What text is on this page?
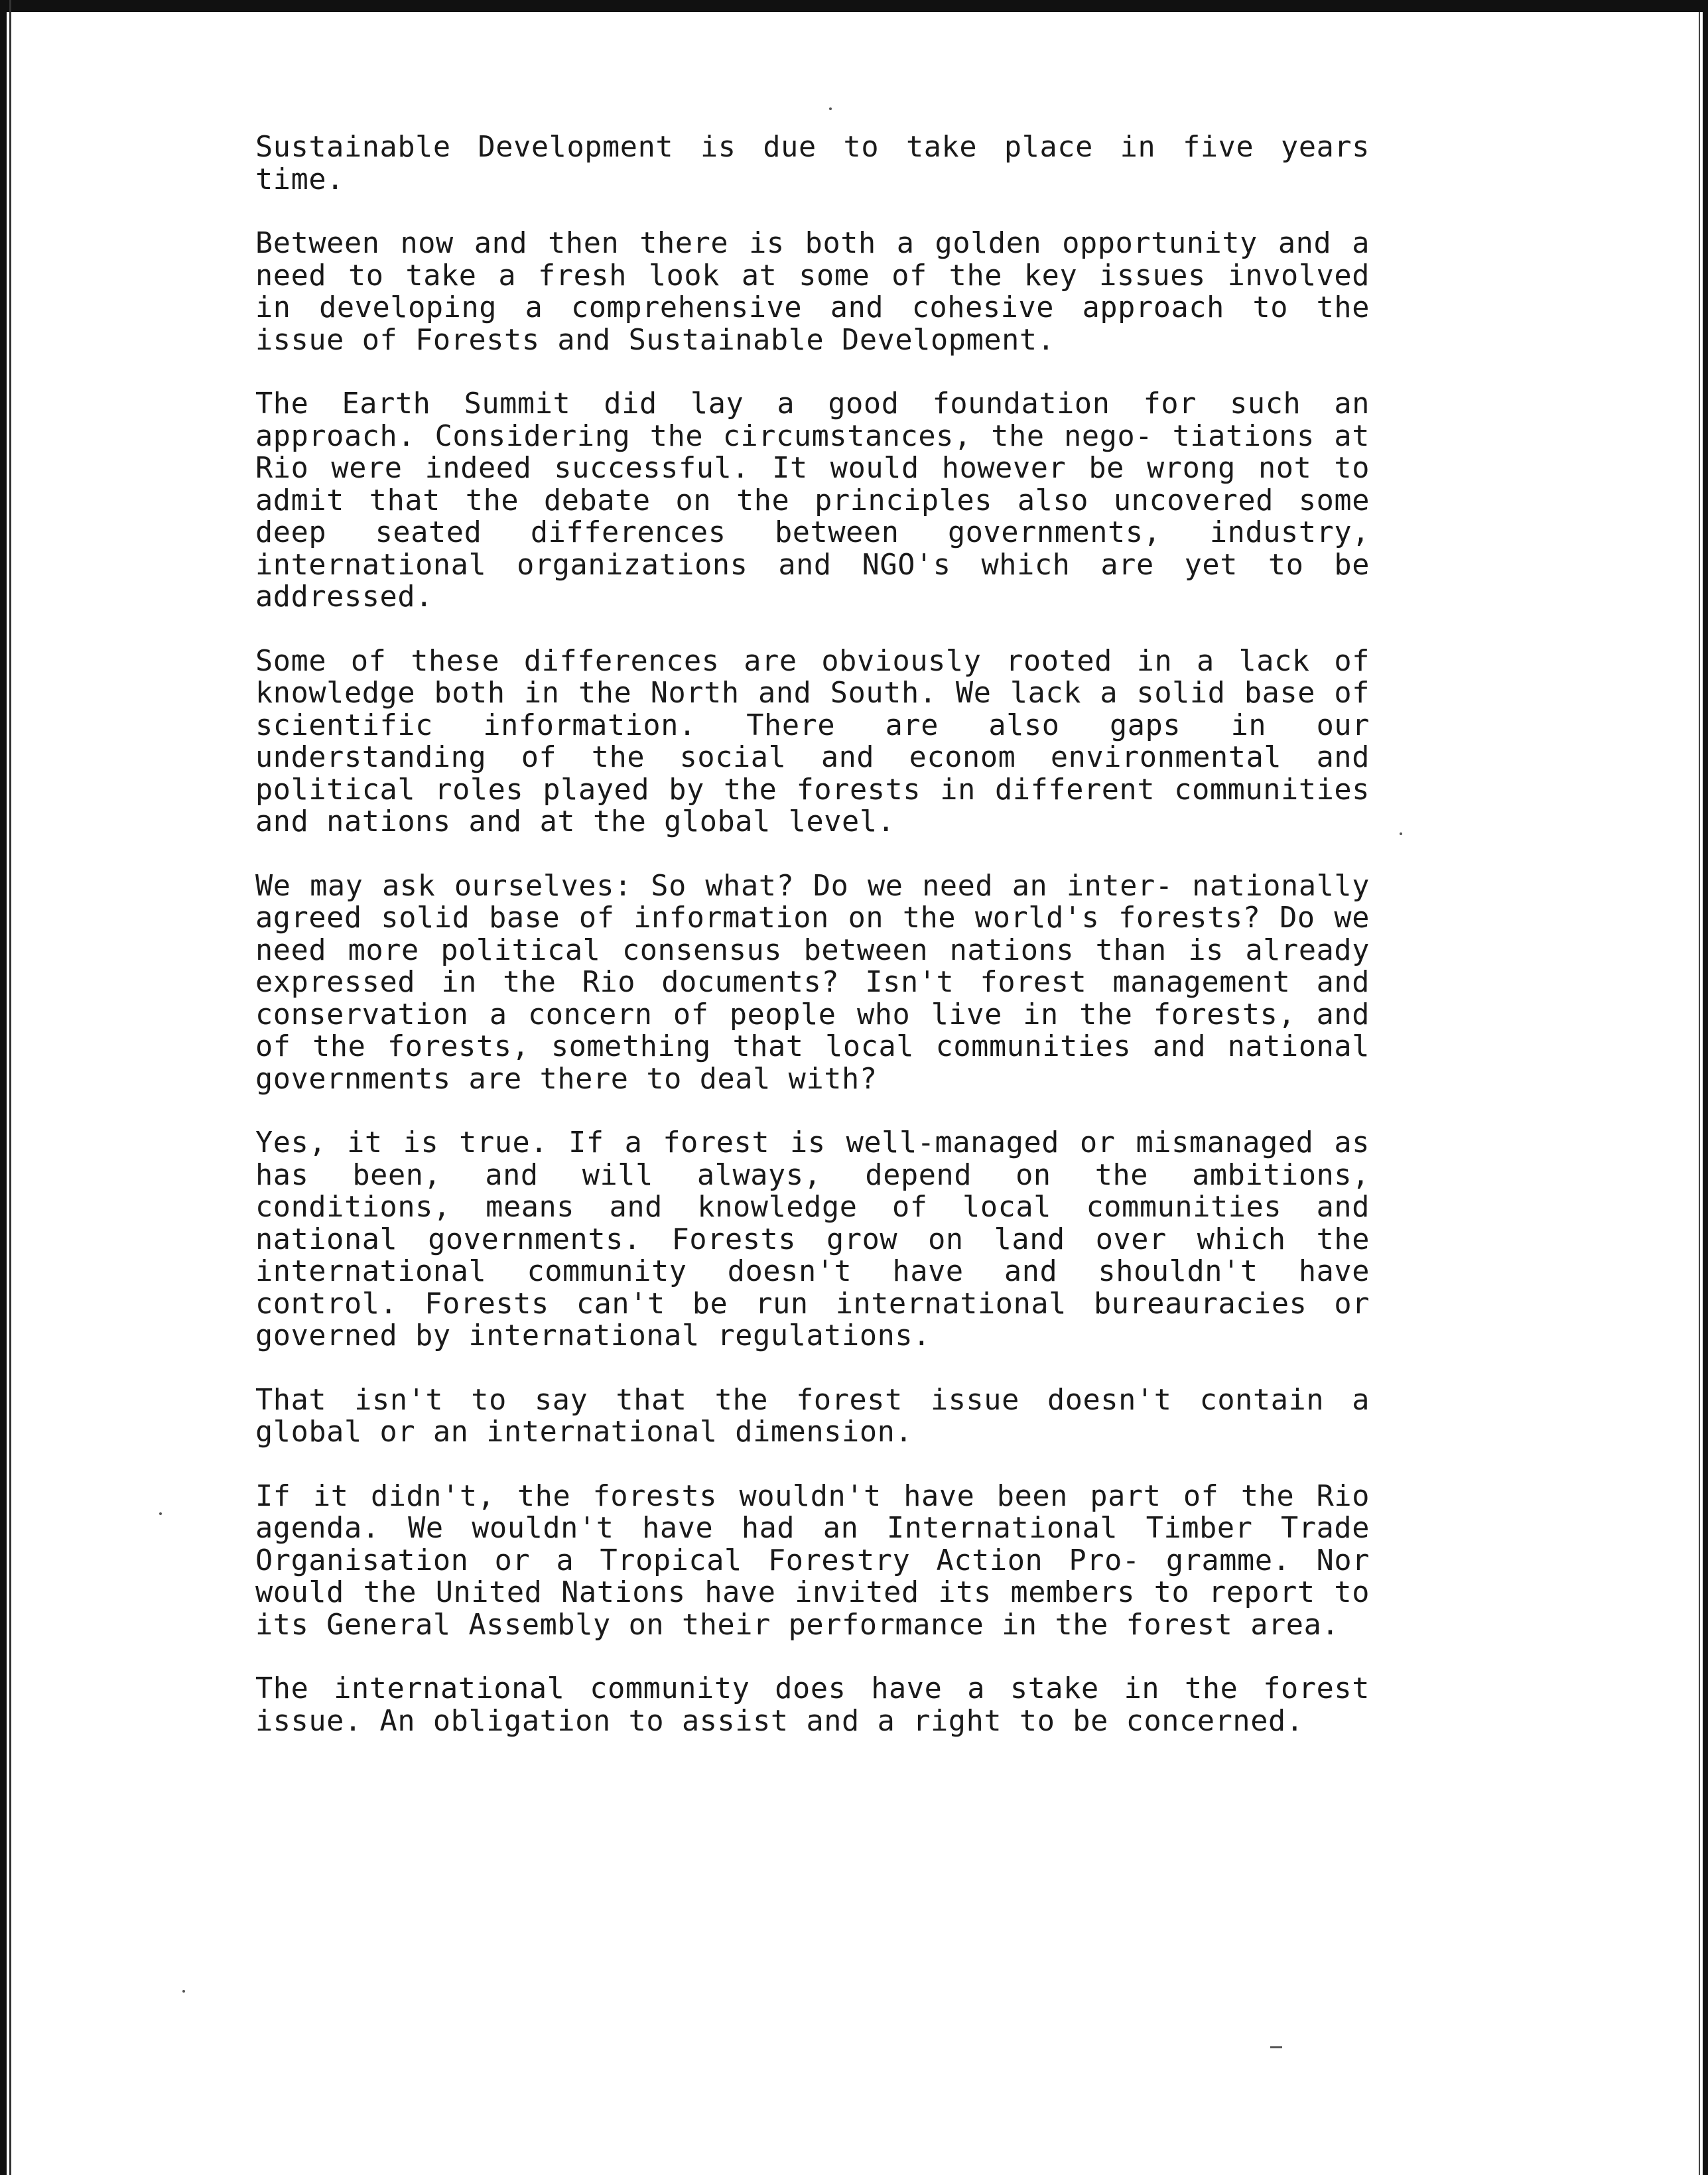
Sustainable Development is due to take place in five years time.

Between now and then there is both a golden opportunity and a need to take a fresh look at some of the key issues involved in developing a comprehensive and cohesive approach to the issue of Forests and Sustainable Development.

The Earth Summit did lay a good foundation for such an approach. Considering the circumstances, the nego- tiations at Rio were indeed successful. It would however be wrong not to admit that the debate on the principles also uncovered some deep seated differences between governments, industry, international organizations and NGO's which are yet to be addressed.

Some of these differences are obviously rooted in a lack of knowledge both in the North and South. We lack a solid base of scientific information. There are also gaps in our understanding of the social and econom environmental and political roles played by the forests in different communities and nations and at the global level.

We may ask ourselves: So what? Do we need an inter- nationally agreed solid base of information on the world's forests? Do we need more political consensus between nations than is already expressed in the Rio documents? Isn't forest management and conservation a concern of people who live in the forests, and of the forests, something that local communities and national governments are there to deal with?

Yes, it is true. If a forest is well-managed or mismanaged as has been, and will always, depend on the ambitions, conditions, means and knowledge of local communities and national governments. Forests grow on land over which the international community doesn't have and shouldn't have control. Forests can't be run international bureauracies or governed by international regulations.

That isn't to say that the forest issue doesn't contain a global or an international dimension.

If it didn't, the forests wouldn't have been part of the Rio agenda. We wouldn't have had an International Timber Trade Organisation or a Tropical Forestry Action Pro- gramme. Nor would the United Nations have invited its members to report to its General Assembly on their performance in the forest area.

The international community does have a stake in the forest issue. An obligation to assist and a right to be concerned.
